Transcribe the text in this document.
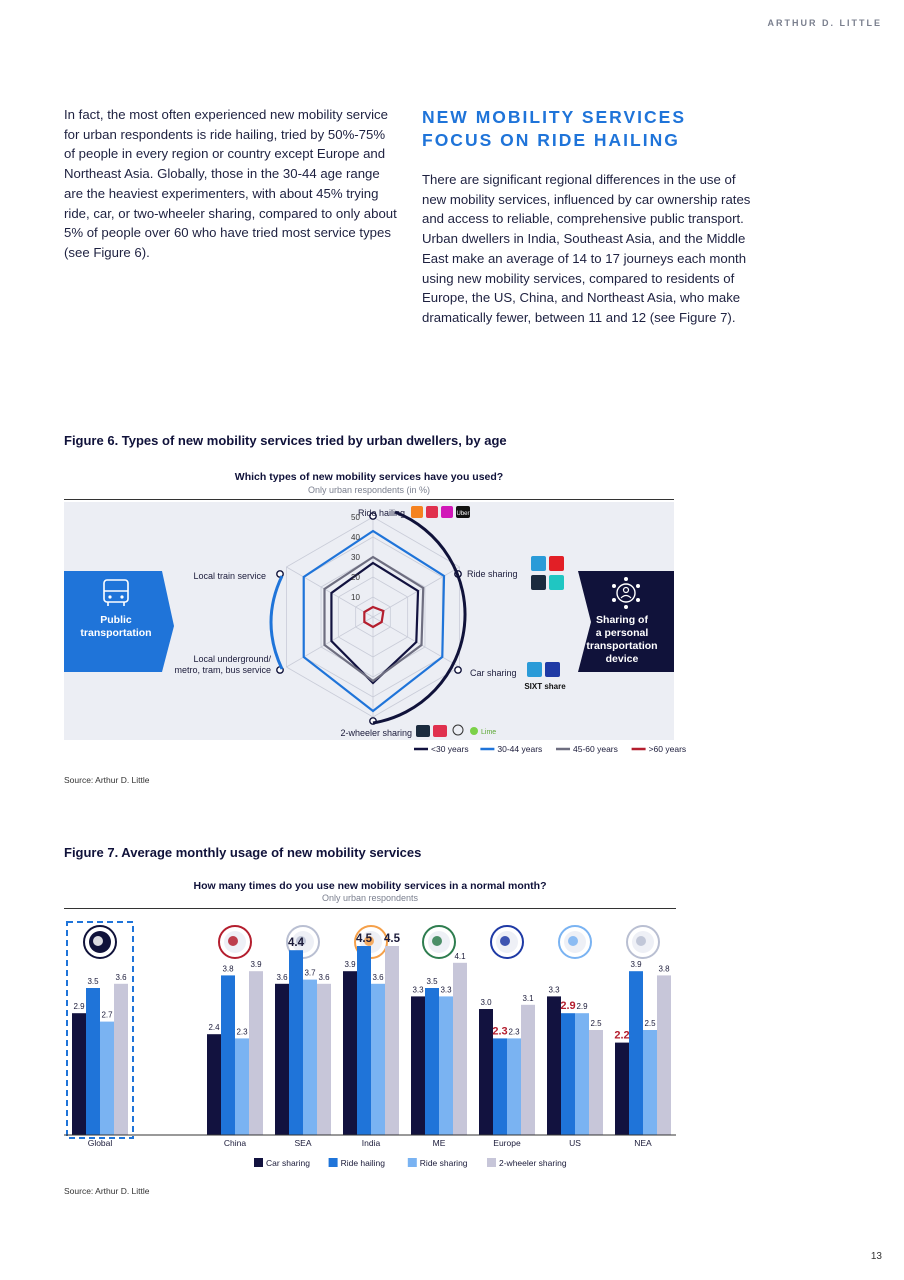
ARTHUR D. LITTLE
In fact, the most often experienced new mobility service for urban respondents is ride hailing, tried by 50%-75% of people in every region or country except Europe and Northeast Asia. Globally, those in the 30-44 age range are the heaviest experimenters, with about 45% trying ride, car, or two-wheeler sharing, compared to only about 5% of people over 60 who have tried most service types (see Figure 6).
NEW MOBILITY SERVICES FOCUS ON RIDE HAILING
There are significant regional differences in the use of new mobility services, influenced by car ownership rates and access to reliable, comprehensive public transport. Urban dwellers in India, Southeast Asia, and the Middle East make an average of 14 to 17 journeys each month using new mobility services, compared to residents of Europe, the US, China, and Northeast Asia, who make dramatically fewer, between 11 and 12 (see Figure 7).
Figure 6. Types of new mobility services tried by urban dwellers, by age
Which types of new mobility services have you used?
Only urban respondents (in %)
Ride hailing
Ride sharing
Car sharing
2-wheeler sharing
Local underground/
metro, tram, bus service
Local train service
10
20
30
40
50
Public
transportation
Sharing of
a personal
transportation
device
Uber
SIXT share
Lime
<30 years	30-44 years	45-60 years	>60 years
Source: Arthur D. Little
Figure 7. Average monthly usage of new mobility services
How many times do you use new mobility services in a normal month?
Only urban respondents
2.9
3.5
2.7
3.6
2.4
3.8
2.3
3.9
3.6
4.4
3.7 3.6
3.9
4.5
3.6
4.5
3.3
3.5
3.3
4.1
3.0
2.3 2.3
3.1
3.3
2.9 2.9
2.5
2.2
3.9
2.5
3.8
Global	China	SEA	India	ME	Europe	US	NEA
Car sharing	Ride hailing	Ride sharing	2-wheeler sharing
Source: Arthur D. Little
13
